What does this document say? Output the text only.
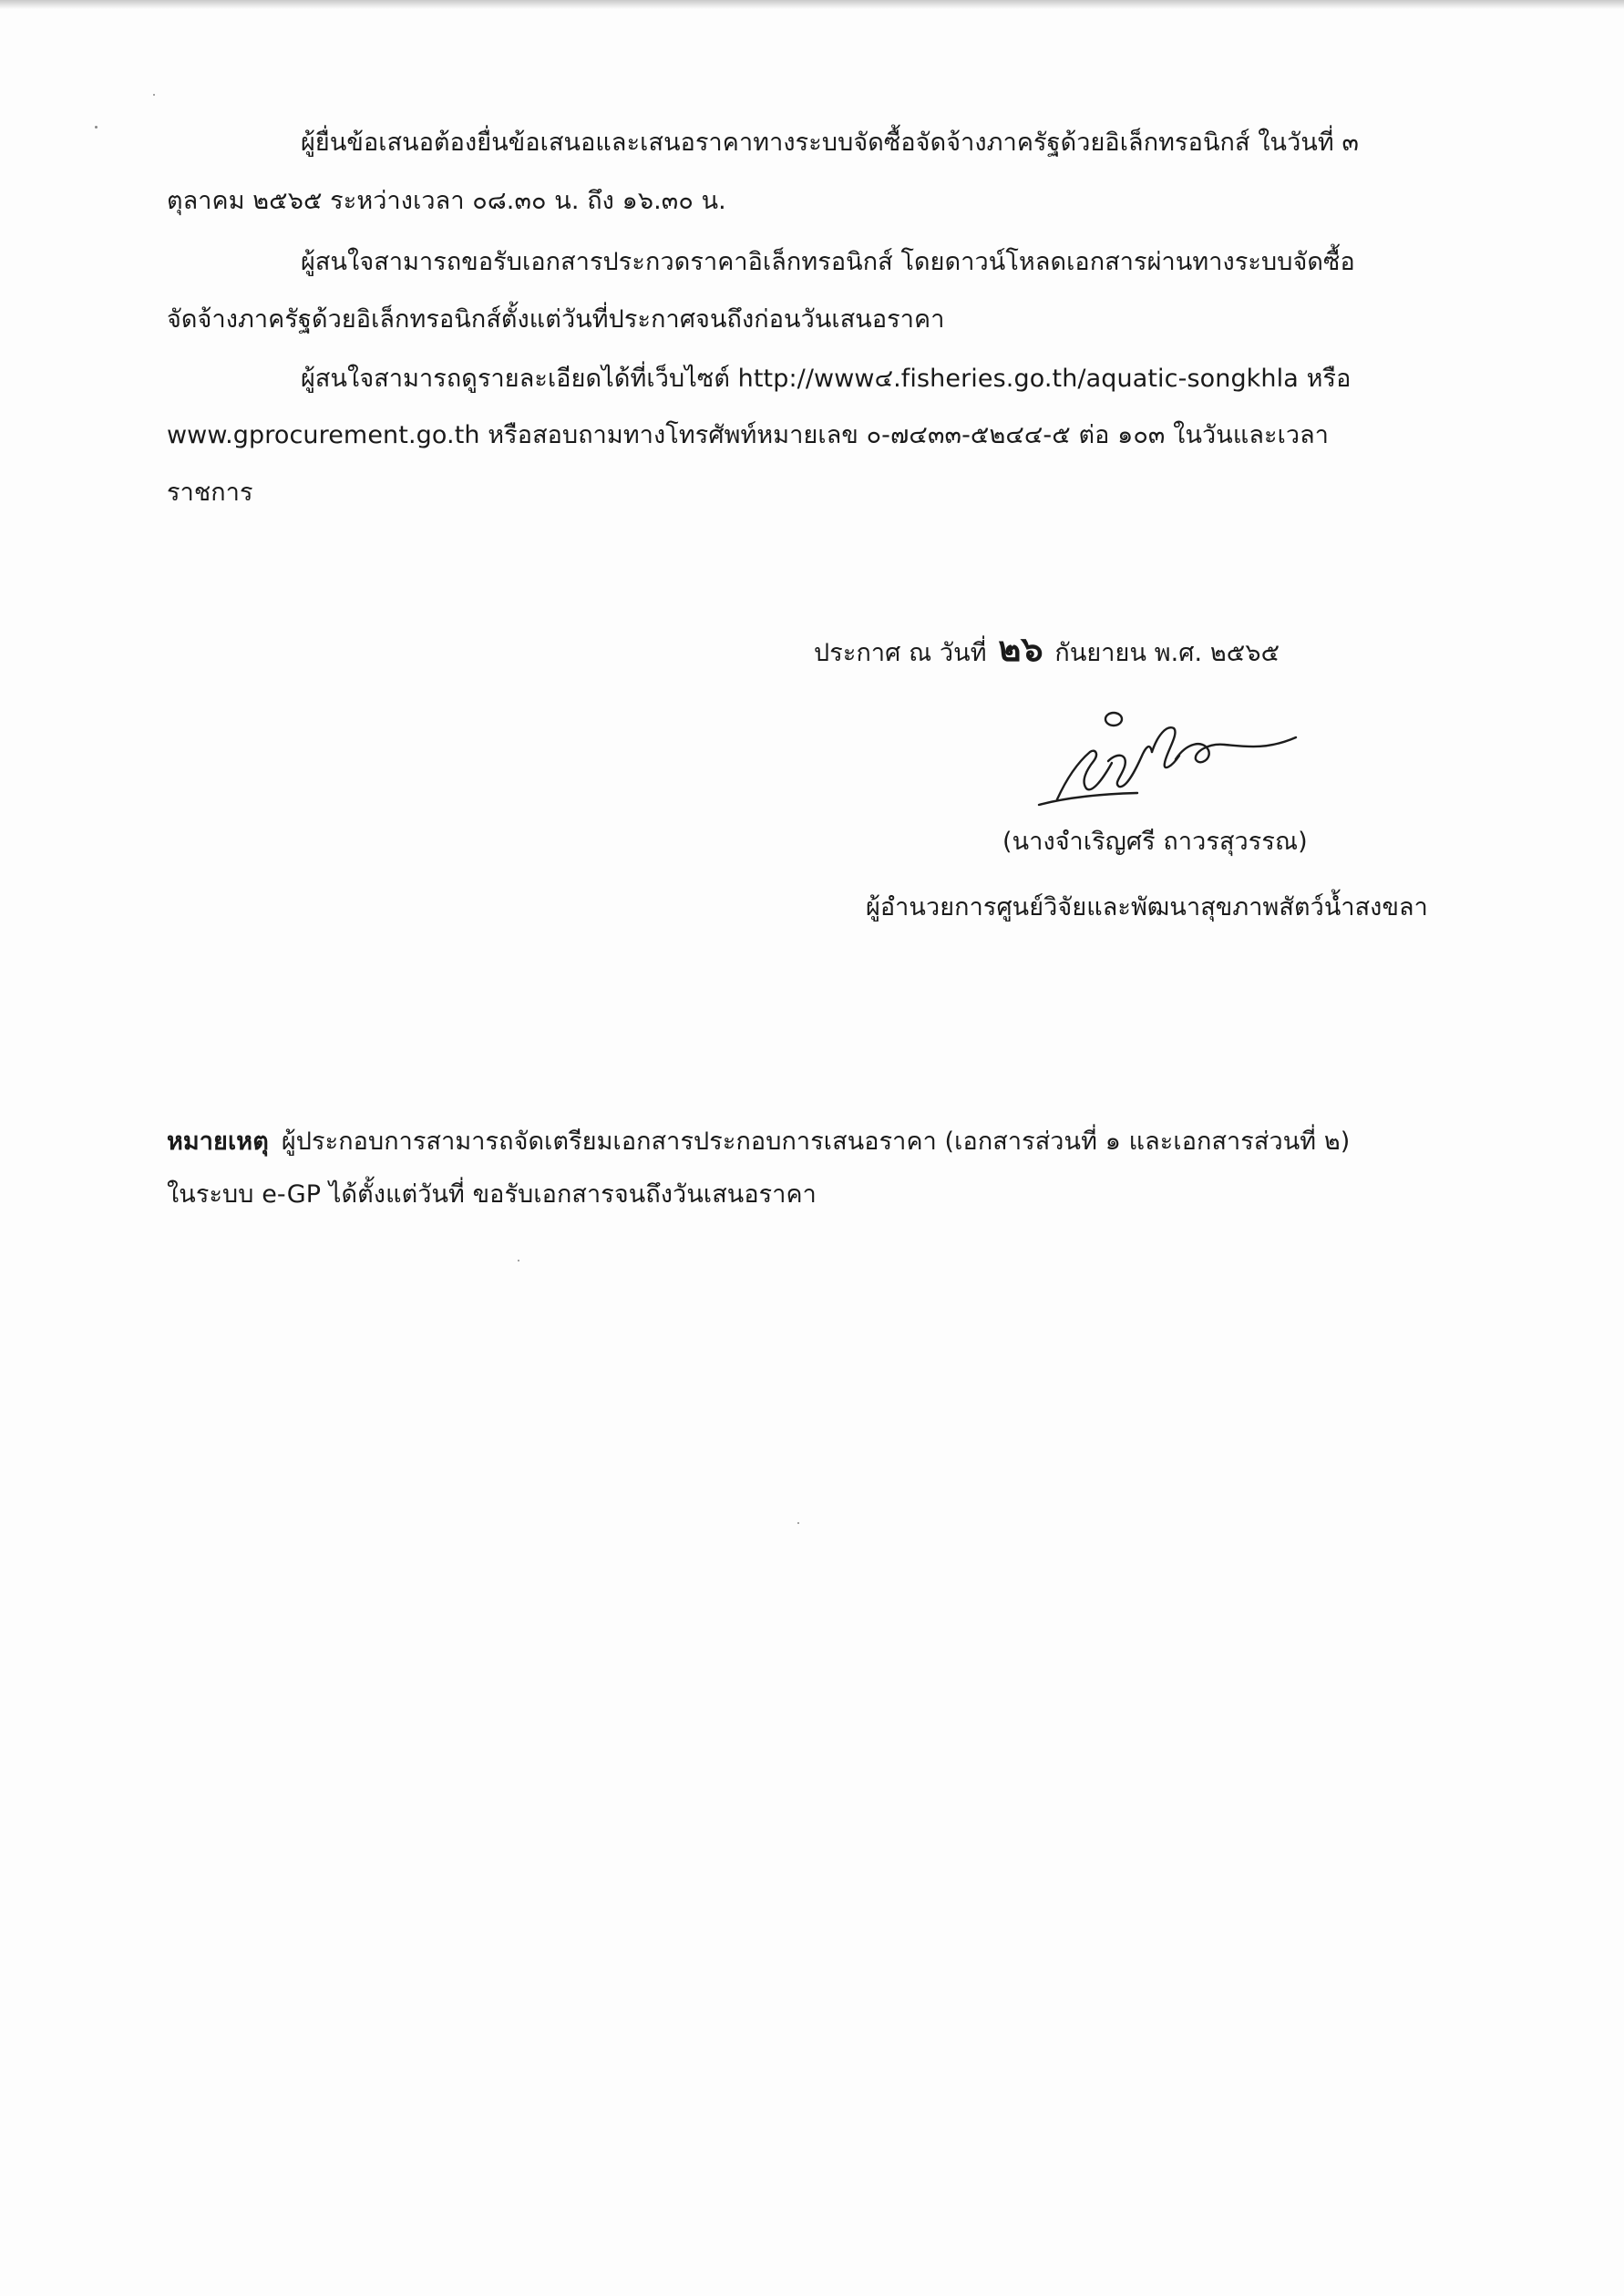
ผู้ยื่นข้อเสนอต้องยื่นข้อเสนอและเสนอราคาทางระบบจัดซื้อจัดจ้างภาครัฐด้วยอิเล็กทรอนิกส์ ในวันที่ ๓
ตุลาคม ๒๕๖๕ ระหว่างเวลา ๐๘.๓๐ น. ถึง ๑๖.๓๐ น.
ผู้สนใจสามารถขอรับเอกสารประกวดราคาอิเล็กทรอนิกส์ โดยดาวน์โหลดเอกสารผ่านทางระบบจัดซื้อ
จัดจ้างภาครัฐด้วยอิเล็กทรอนิกส์ตั้งแต่วันที่ประกาศจนถึงก่อนวันเสนอราคา
ผู้สนใจสามารถดูรายละเอียดได้ที่เว็บไซต์ http://www๔.fisheries.go.th/aquatic-songkhla หรือ
www.gprocurement.go.th หรือสอบถามทางโทรศัพท์หมายเลข ๐-๗๔๓๓-๕๒๔๔-๕ ต่อ ๑๐๓ ในวันและเวลา
ราชการ
ประกาศ ณ วันที่ ๒๖ กันยายน พ.ศ. ๒๕๖๕
(นางจำเริญศรี ถาวรสุวรรณ)
ผู้อำนวยการศูนย์วิจัยและพัฒนาสุขภาพสัตว์น้ำสงขลา
หมายเหตุ ผู้ประกอบการสามารถจัดเตรียมเอกสารประกอบการเสนอราคา (เอกสารส่วนที่ ๑ และเอกสารส่วนที่ ๒)
ในระบบ e-GP ได้ตั้งแต่วันที่ ขอรับเอกสารจนถึงวันเสนอราคา
